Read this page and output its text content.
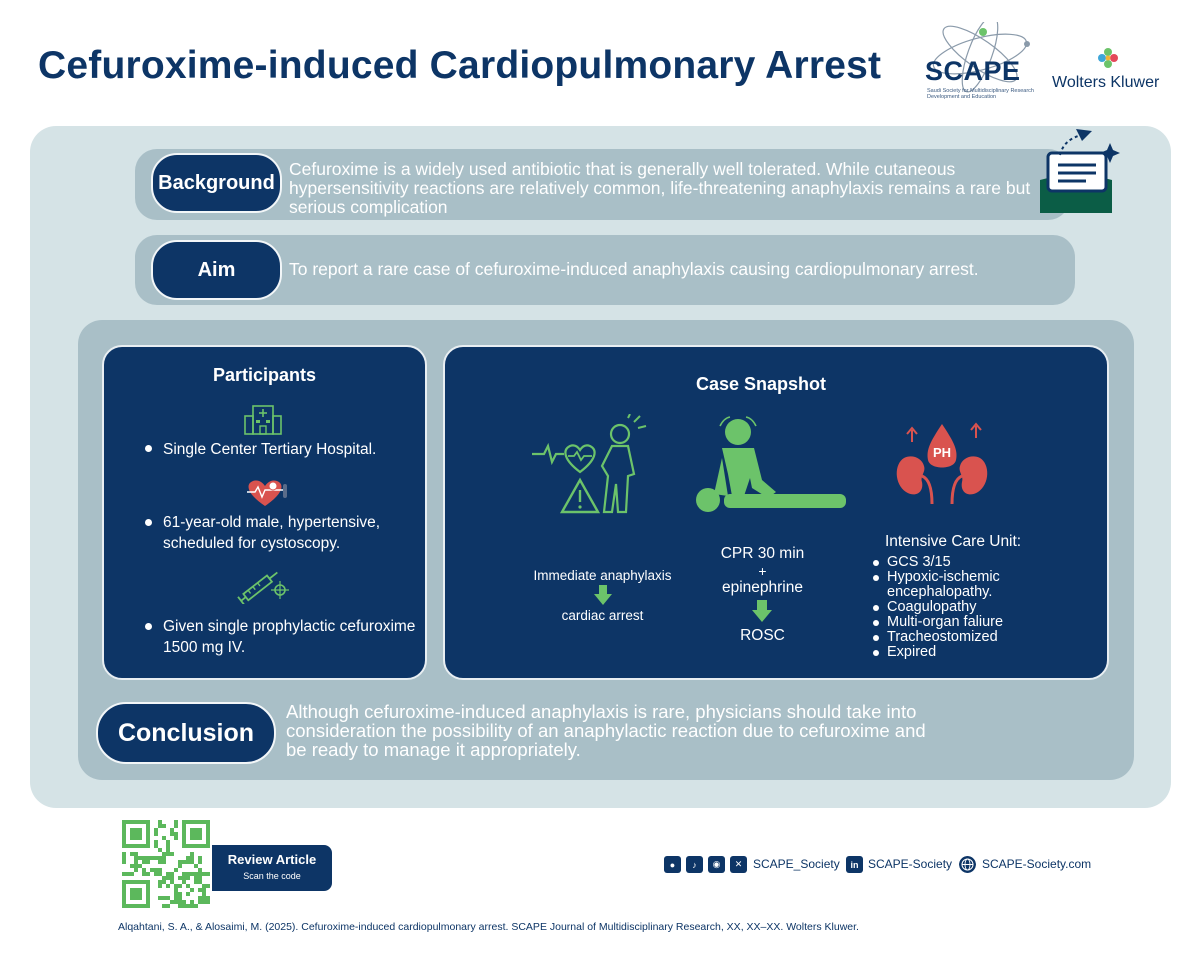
Cefuroxime-induced Cardiopulmonary Arrest SCAPE
Saudi Society for Multidisciplinary Research Development and Education
Wolters Kluwer
Background
Cefuroxime is a widely used antibiotic that is generally well tolerated. While cutaneous hypersensitivity reactions are relatively common, life-threatening anaphylaxis remains a rare but serious complication
Aim	To report a rare case of cefuroxime-induced anaphylaxis causing cardiopulmonary arrest.
Participants
Single Center Tertiary Hospital.
61-year-old male, hypertensive, scheduled for cystoscopy.
Given single prophylactic cefuroxime 1500 mg IV.
Case Snapshot
Immediate anaphylaxis
cardiac arrest
CPR 30 min
+
epinephrine
ROSC
PH
Intensive Care Unit:
GCS 3/15
Hypoxic-ischemic encephalopathy.
Coagulopathy
Multi-organ faliure
Tracheostomized
Expired
Conclusion
Although cefuroxime-induced anaphylaxis is rare, physicians should take into consideration the possibility of an anaphylactic reaction due to cefuroxime and be ready to manage it appropriately.
Review Article
Scan the code
●	♪	◉	✕ SCAPE_Society	in SCAPE-Society SCAPE-Society.com
Alqahtani, S. A., & Alosaimi, M. (2025). Cefuroxime-induced cardiopulmonary arrest. SCAPE Journal of Multidisciplinary Research, XX, XX–XX. Wolters Kluwer.
